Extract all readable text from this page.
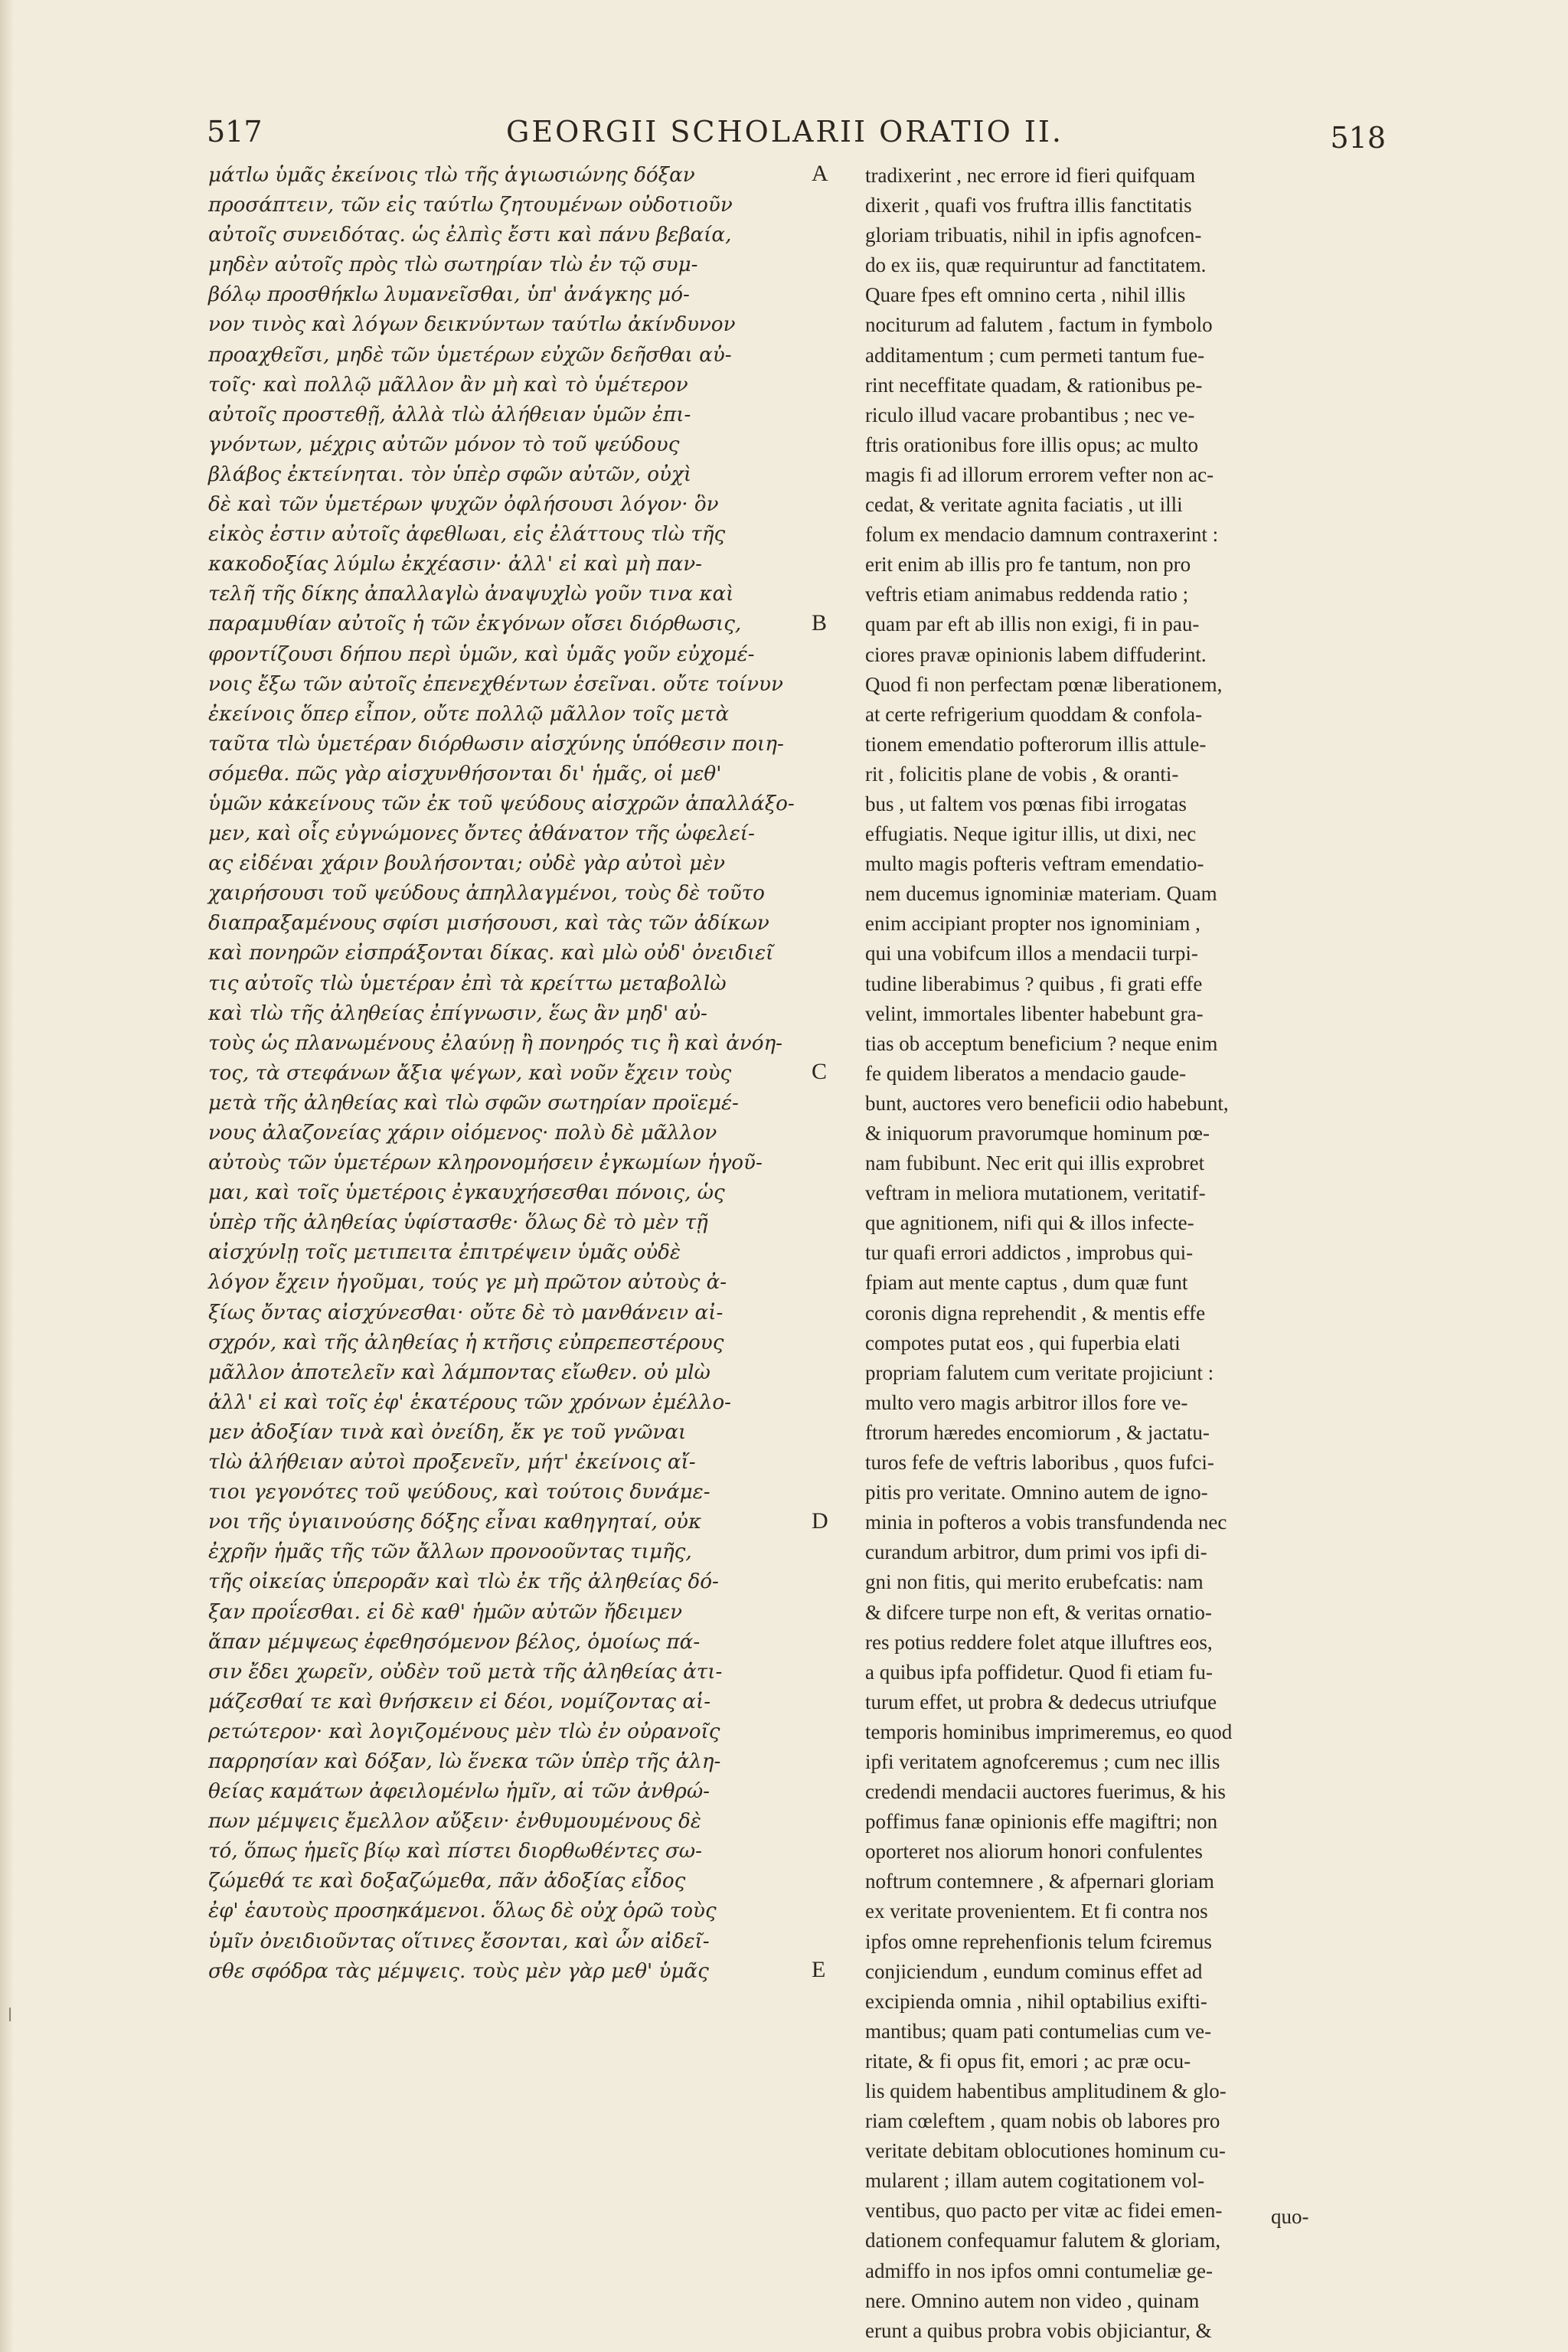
|
517	GEORGII SCHOLARII ORATIO II.	518
μάτlω ὑμᾶς ἐκείνοις τlὼ τῆς ἁγιωσιώνης δόξαν
προσάπτειν, τῶν εἰς ταύτlω ζητουμένων οὐδοτιοῦν
αὐτοῖς συνειδότας. ὡς ἐλπὶς ἔστι καὶ πάνυ βεβαία,
μηδὲν αὐτοῖς πρὸς τlὼ σωτηρίαν τlὼ ἐν τῷ συμ-
βόλῳ προσθήκlω λυμανεῖσθαι, ὑπ' ἀνάγκης μό-
νον τινὸς καὶ λόγων δεικνύντων ταύτlω ἀκίνδυνον
προαχθεῖσι, μηδὲ τῶν ὑμετέρων εὐχῶν δεῆσθαι αὐ-
τοῖς· καὶ πολλῷ μᾶλλον ἂν μὴ καὶ τὸ ὑμέτερον
αὐτοῖς προστεθῇ, ἀλλὰ τlὼ ἀλήθειαν ὑμῶν ἐπι-
γνόντων, μέχρις αὐτῶν μόνον τὸ τοῦ ψεύδους
βλάβος ἐκτείνηται. τὸν ὑπὲρ σφῶν αὐτῶν, οὐχὶ
δὲ καὶ τῶν ὑμετέρων ψυχῶν ὀφλήσουσι λόγον· ὃν
εἰκὸς ἐστιν αὐτοῖς ἀφεθlωαι, εἰς ἐλάττους τlὼ τῆς
κακοδοξίας λύμlω ἐκχέασιν· ἀλλ' εἰ καὶ μὴ παν-
τελῆ τῆς δίκης ἀπαλλαγlὼ ἀναψυχlὼ γοῦν τινα καὶ
παραμυθίαν αὐτοῖς ἡ τῶν ἐκγόνων οἴσει διόρθωσις,
φροντίζουσι δήπου περὶ ὑμῶν, καὶ ὑμᾶς γοῦν εὐχομέ-
νοις ἔξω τῶν αὐτοῖς ἐπενεχθέντων ἐσεῖναι. οὔτε τοίνυν
ἐκείνοις ὅπερ εἶπον, οὔτε πολλῷ μᾶλλον τοῖς μετὰ
ταῦτα τlὼ ὑμετέραν διόρθωσιν αἰσχύνης ὑπόθεσιν ποιη-
σόμεθα. πῶς γὰρ αἰσχυνθήσονται δι' ἡμᾶς, οἱ μεθ'
ὑμῶν κἀκείνους τῶν ἐκ τοῦ ψεύδους αἰσχρῶν ἀπαλλάξο-
μεν, καὶ οἷς εὐγνώμονες ὄντες ἀθάνατον τῆς ὠφελεί-
ας εἰδέναι χάριν βουλήσονται; οὐδὲ γὰρ αὐτοὶ μὲν
χαιρήσουσι τοῦ ψεύδους ἀπηλλαγμένοι, τοὺς δὲ τοῦτο
διαπραξαμένους σφίσι μισήσουσι, καὶ τὰς τῶν ἀδίκων
καὶ πονηρῶν εἰσπράξονται δίκας. καὶ μlὼ οὐδ' ὀνειδιεῖ
τις αὐτοῖς τlὼ ὑμετέραν ἐπὶ τὰ κρείττω μεταβολlὼ
καὶ τlὼ τῆς ἀληθείας ἐπίγνωσιν, ἕως ἂν μηδ' αὐ-
τοὺς ὡς πλανωμένους ἐλαύνῃ ἢ πονηρός τις ἢ καὶ ἀνόη-
τος, τὰ στεφάνων ἄξια ψέγων, καὶ νοῦν ἔχειν τοὺς
μετὰ τῆς ἀληθείας καὶ τlὼ σφῶν σωτηρίαν προϊεμέ-
νους ἀλαζονείας χάριν οἰόμενος· πολὺ δὲ μᾶλλον
αὐτοὺς τῶν ὑμετέρων κληρονομήσειν ἐγκωμίων ἡγοῦ-
μαι, καὶ τοῖς ὑμετέροις ἐγκαυχήσεσθαι πόνοις, ὡς
ὑπὲρ τῆς ἀληθείας ὑφίστασθε· ὅλως δὲ τὸ μὲν τῇ
αἰσχύνlῃ τοῖς μετιπειτα ἐπιτρέψειν ὑμᾶς οὐδὲ
λόγον ἔχειν ἡγοῦμαι, τούς γε μὴ πρῶτον αὐτοὺς ἀ-
ξίως ὄντας αἰσχύνεσθαι· οὔτε δὲ τὸ μανθάνειν αἰ-
σχρόν, καὶ τῆς ἀληθείας ἡ κτῆσις εὐπρεπεστέρους
μᾶλλον ἀποτελεῖν καὶ λάμποντας εἴωθεν. οὐ μlὼ
ἀλλ' εἰ καὶ τοῖς ἐφ' ἑκατέρους τῶν χρόνων ἐμέλλο-
μεν ἀδοξίαν τινὰ καὶ ὀνείδη, ἔκ γε τοῦ γνῶναι
τlὼ ἀλήθειαν αὐτοὶ προξενεῖν, μήτ' ἐκείνοις αἴ-
τιοι γεγονότες τοῦ ψεύδους, καὶ τούτοις δυνάμε-
νοι τῆς ὑγιαινούσης δόξης εἶναι καθηγηταί, οὐκ
ἐχρῆν ἡμᾶς τῆς τῶν ἄλλων προνοοῦντας τιμῆς,
τῆς οἰκείας ὑπερορᾶν καὶ τlὼ ἐκ τῆς ἀληθείας δό-
ξαν προΐεσθαι. εἰ δὲ καθ' ἡμῶν αὐτῶν ἤδειμεν
ἅπαν μέμψεως ἐφεθησόμενον βέλος, ὁμοίως πά-
σιν ἔδει χωρεῖν, οὐδὲν τοῦ μετὰ τῆς ἀληθείας ἀτι-
μάζεσθαί τε καὶ θνήσκειν εἰ δέοι, νομίζοντας αἱ-
ρετώτερον· καὶ λογιζομένους μὲν τlὼ ἐν οὐρανοῖς
παρρησίαν καὶ δόξαν, lὼ ἕνεκα τῶν ὑπὲρ τῆς ἀλη-
θείας καμάτων ἀφειλομένlω ἡμῖν, αἱ τῶν ἀνθρώ-
πων μέμψεις ἔμελλον αὔξειν· ἐνθυμουμένους δὲ
τό, ὅπως ἡμεῖς βίῳ καὶ πίστει διορθωθέντες σω-
ζώμεθά τε καὶ δοξαζώμεθα, πᾶν ἀδοξίας εἶδος
ἐφ' ἑαυτοὺς προσηκάμενοι. ὅλως δὲ οὐχ ὁρῶ τοὺς
ὑμῖν ὀνειδιοῦντας οἵτινες ἔσονται, καὶ ὧν αἰδεῖ-
σθε σφόδρα τὰς μέμψεις. τοὺς μὲν γὰρ μεθ' ὑμᾶς
A
B
C
D
E
tradixerint , nec errore id fieri quifquam
dixerit , quafi vos fruftra illis fanctitatis
gloriam tribuatis, nihil in ipfis agnofcen-
do ex iis, quæ requiruntur ad fanctitatem.
Quare fpes eft omnino certa , nihil illis
nociturum ad falutem , factum in fymbolo
additamentum ; cum permeti tantum fue-
rint neceffitate quadam, & rationibus pe-
riculo illud vacare probantibus ; nec ve-
ftris orationibus fore illis opus; ac multo
magis fi ad illorum errorem vefter non ac-
cedat, & veritate agnita faciatis , ut illi
folum ex mendacio damnum contraxerint :
erit enim ab illis pro fe tantum, non pro
veftris etiam animabus reddenda ratio ;
quam par eft ab illis non exigi, fi in pau-
ciores pravæ opinionis labem diffuderint.
Quod fi non perfectam pœnæ liberationem,
at certe refrigerium quoddam & confola-
tionem emendatio pofterorum illis attule-
rit , folicitis plane de vobis , & oranti-
bus , ut faltem vos pœnas fibi irrogatas
effugiatis. Neque igitur illis, ut dixi, nec
multo magis pofteris veftram emendatio-
nem ducemus ignominiæ materiam. Quam
enim accipiant propter nos ignominiam ,
qui una vobifcum illos a mendacii turpi-
tudine liberabimus ? quibus , fi grati effe
velint, immortales libenter habebunt gra-
tias ob acceptum beneficium ? neque enim
fe quidem liberatos a mendacio gaude-
bunt, auctores vero beneficii odio habebunt,
& iniquorum pravorumque hominum pœ-
nam fubibunt. Nec erit qui illis exprobret
veftram in meliora mutationem, veritatif-
que agnitionem, nifi qui & illos infecte-
tur quafi errori addictos , improbus qui-
fpiam aut mente captus , dum quæ funt
coronis digna reprehendit , & mentis effe
compotes putat eos , qui fuperbia elati
propriam falutem cum veritate projiciunt :
multo vero magis arbitror illos fore ve-
ftrorum hæredes encomiorum , & jactatu-
turos fefe de veftris laboribus , quos fufci-
pitis pro veritate. Omnino autem de igno-
minia in pofteros a vobis transfundenda nec
curandum arbitror, dum primi vos ipfi di-
gni non fitis, qui merito erubefcatis: nam
& difcere turpe non eft, & veritas ornatio-
res potius reddere folet atque illuftres eos,
a quibus ipfa poffidetur. Quod fi etiam fu-
turum effet, ut probra & dedecus utriufque
temporis hominibus imprimeremus, eo quod
ipfi veritatem agnofceremus ; cum nec illis
credendi mendacii auctores fuerimus, & his
poffimus fanæ opinionis effe magiftri; non
oporteret nos aliorum honori confulentes
noftrum contemnere , & afpernari gloriam
ex veritate provenientem. Et fi contra nos
ipfos omne reprehenfionis telum fciremus
conjiciendum , eundum cominus effet ad
excipienda omnia , nihil optabilius exifti-
mantibus; quam pati contumelias cum ve-
ritate, & fi opus fit, emori ; ac præ ocu-
lis quidem habentibus amplitudinem & glo-
riam cœleftem , quam nobis ob labores pro
veritate debitam oblocutiones hominum cu-
mularent ; illam autem cogitationem vol-
ventibus, quo pacto per vitæ ac fidei emen-
dationem confequamur falutem & gloriam,
admiffo in nos ipfos omni contumeliæ ge-
nere. Omnino autem non video , quinam
erunt a quibus probra vobis objiciantur, &
quo-
